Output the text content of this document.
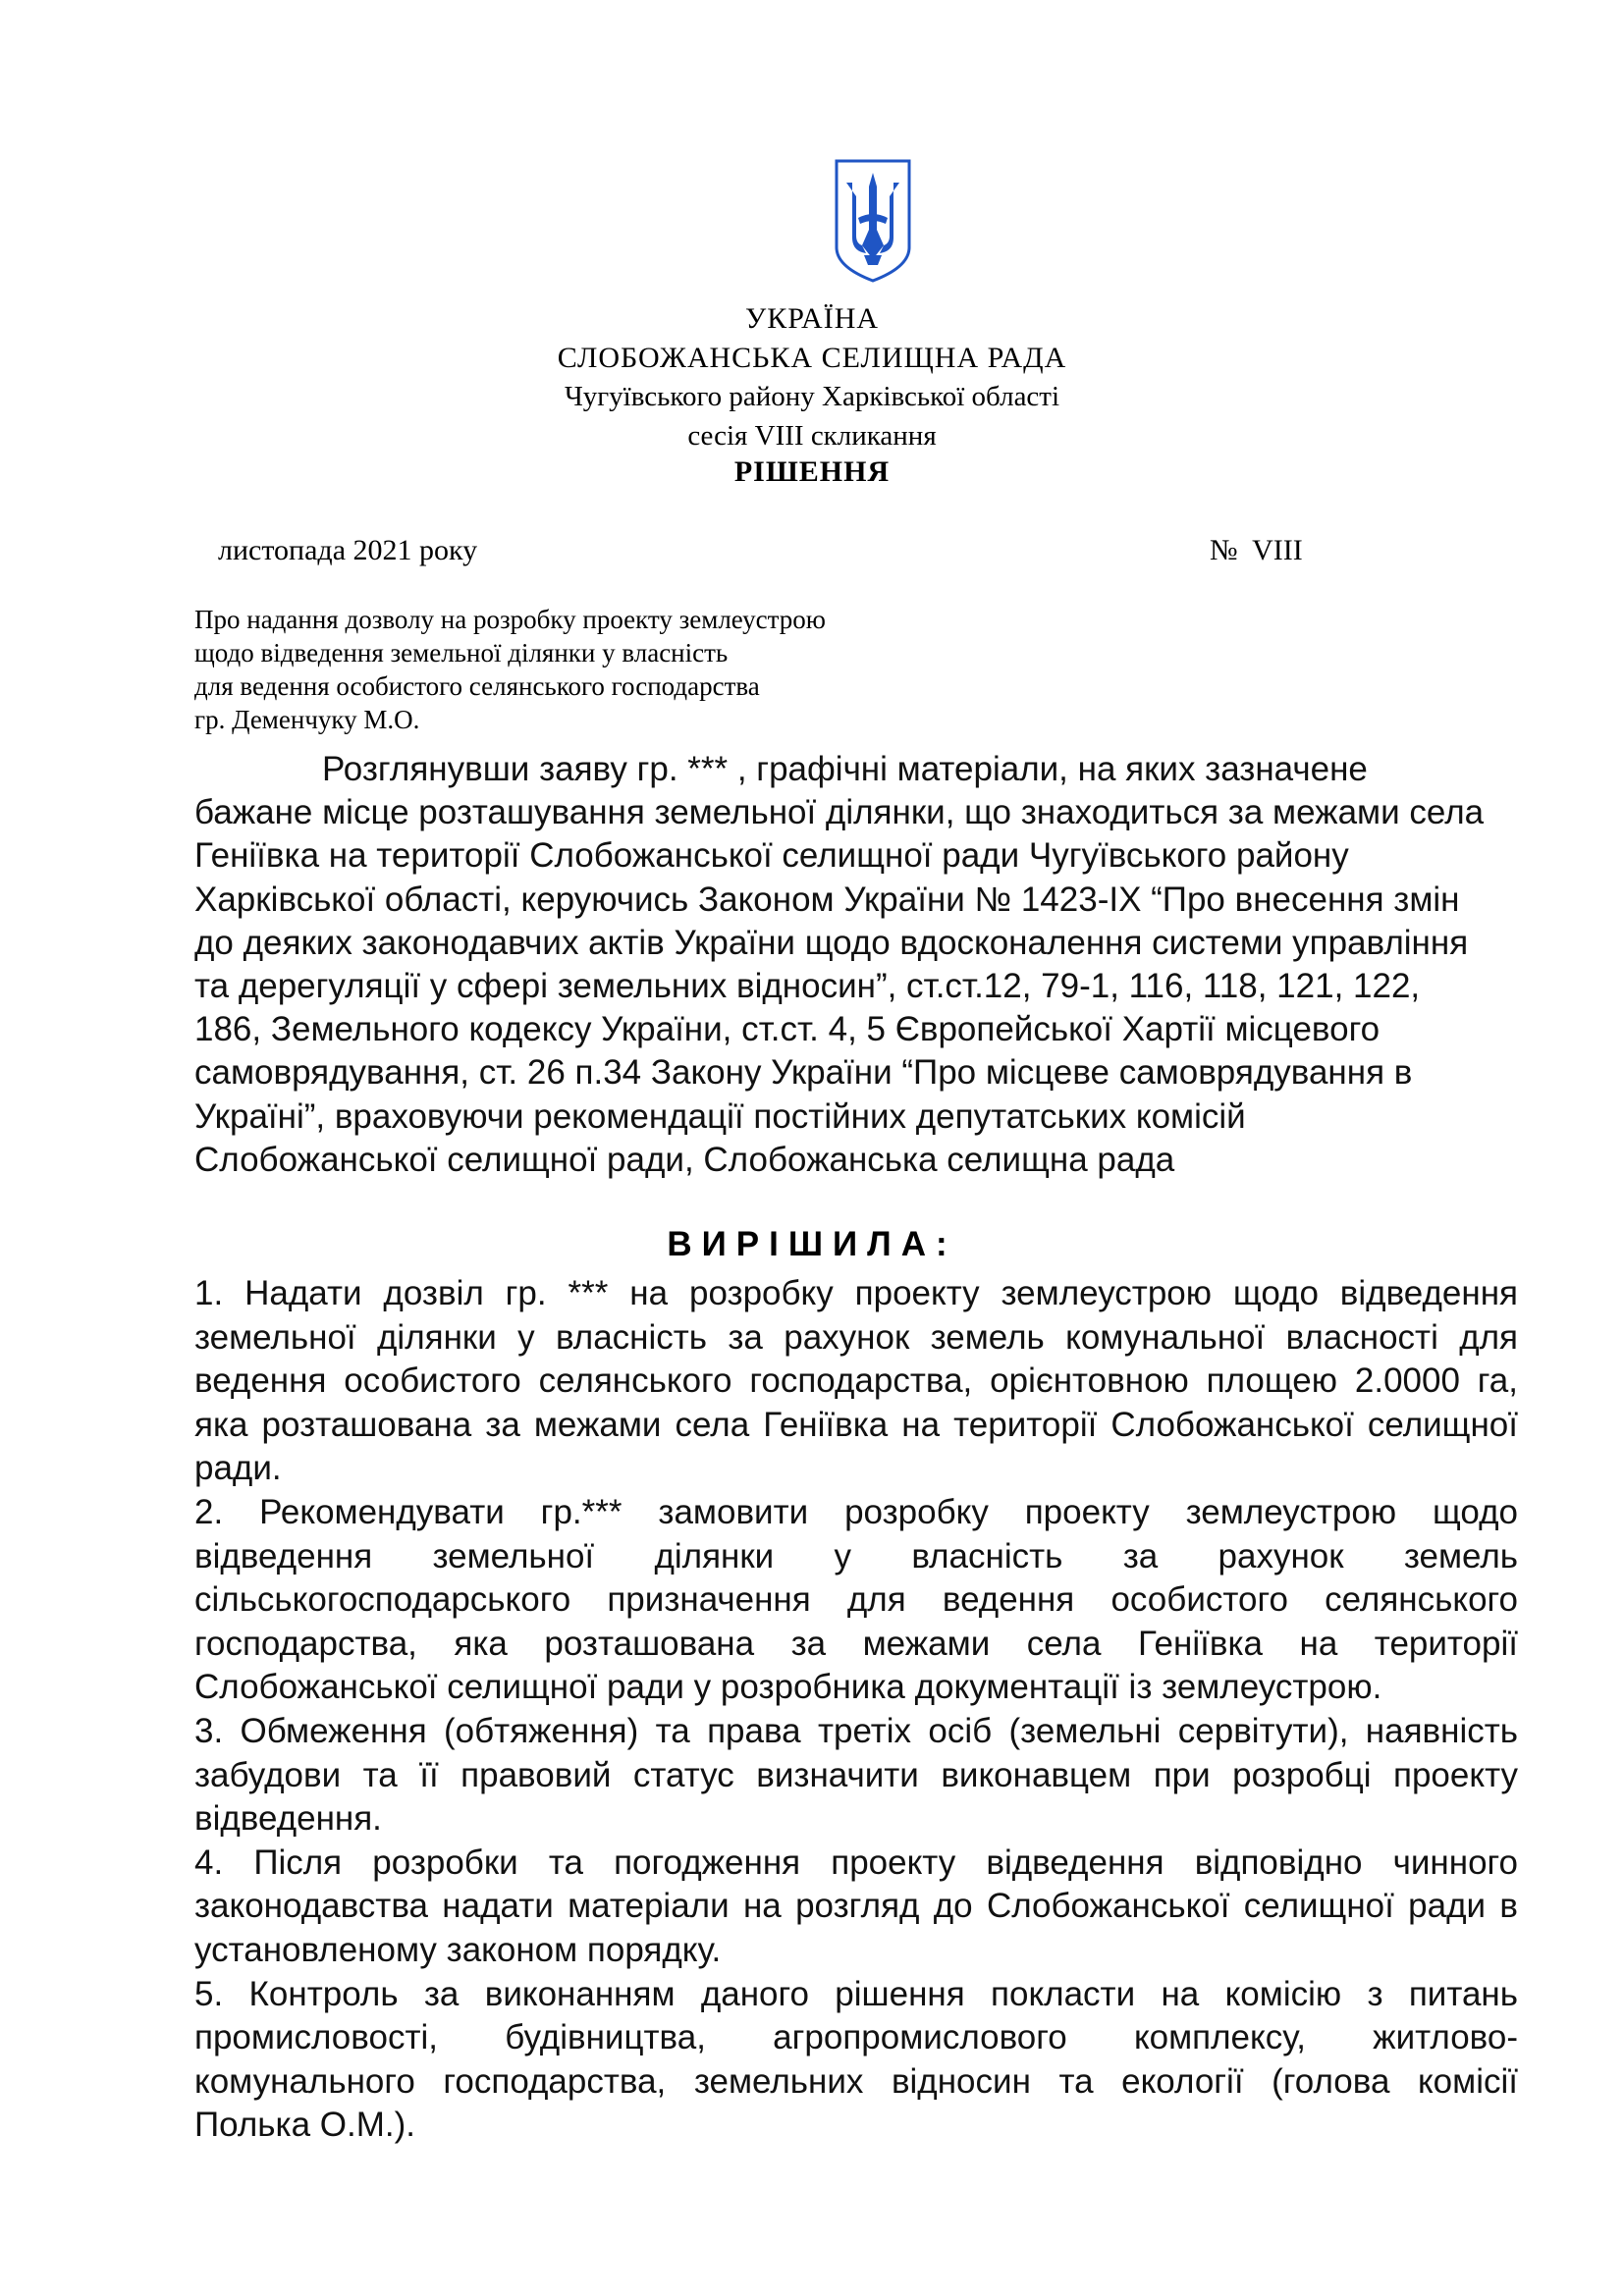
УКРАЇНА
СЛОБОЖАНСЬКА СЕЛИЩНА РАДА
Чугуївського району Харківської області
сесія VIII скликання
РІШЕННЯ
листопада 2021 року	№  VIII
Про надання дозволу на розробку проекту землеустрою
щодо відведення земельної ділянки у власність
для ведення особистого селянського господарства
гр. Деменчуку М.О.
Розглянувши заяву гр. *** , графічні матеріали, на яких зазначене
бажане місце розташування земельної ділянки, що знаходиться за межами села
Генiївка на території Слобожанської селищної ради Чугуївського району
Харківської області, керуючись Законом України № 1423-ІХ “Про внесення змін
до деяких законодавчих актів України щодо вдосконалення системи управління
та дерегуляції у сфері земельних відносин”, ст.ст.12, 79-1, 116, 118, 121, 122,
186, Земельного кодексу України, ст.ст. 4, 5 Європейської Хартії місцевого
самоврядування, ст. 26 п.34 Закону України “Про місцеве самоврядування в
Україні”, враховуючи рекомендації постійних депутатських комісій
Слобожанської селищної ради, Слобожанська селищна рада
ВИРІШИЛА:
1. Надати дозвіл гр. *** на розробку проекту землеустрою щодо відведення
земельної ділянки у власність за рахунок земель комунальної власності для
ведення особистого селянського господарства, орієнтовною площею 2.0000 га,
яка розташована за межами села Генiївка на території Слобожанської селищної
ради.
2. Рекомендувати гр.*** замовити розробку проекту землеустрою щодо
відведення земельної ділянки у власність за рахунок земель
сільськогосподарського призначення для ведення особистого селянського
господарства, яка розташована за межами села Генiївка на території
Слобожанської селищної ради у розробника документації із землеустрою.
3. Обмеження (обтяження) та права третіх осіб (земельні сервітути), наявність
забудови та її правовий статус визначити виконавцем при розробці проекту
відведення.
4. Після розробки та погодження проекту відведення відповідно чинного
законодавства надати матеріали на розгляд до Слобожанської селищної ради в
установленому законом порядку.
5. Контроль за виконанням даного рішення покласти на комісію з питань
промисловості, будівництва, агропромислового комплексу, житлово-
комунального господарства, земельних відносин та екології (голова комісії
Полька О.М.).
